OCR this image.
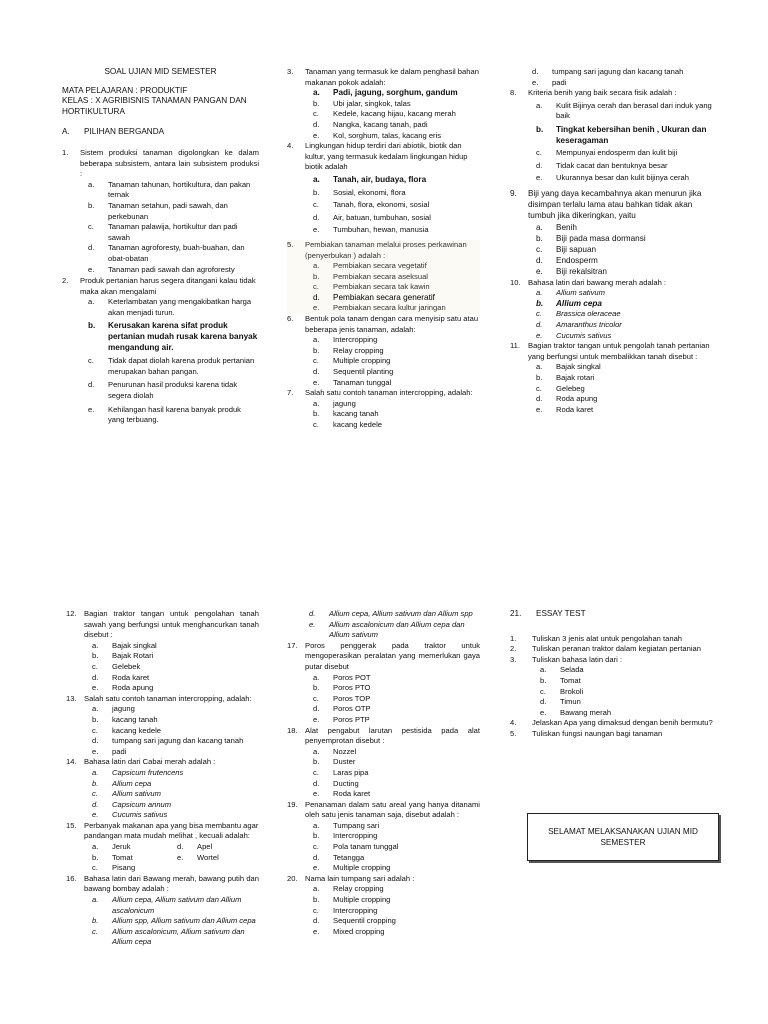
SOAL UJIAN MID SEMESTER

MATA PELAJARAN : PRODUKTIF

KELAS : X AGRIBISNIS TANAMAN PANGAN DAN

HORTIKULTURA

A.	PILIHAN BERGANDA
1.	Sistem produksi tanaman digolongkan ke dalam beberapa subsistem, antara lain subsistem produksi :
a.	Tanaman tahunan, hortikultura, dan pakan ternak
b.	Tanaman setahun, padi sawah, dan perkebunan
c.	Tanaman palawija, hortikultur dan padi sawah
d.	Tanaman agroforesty, buah-buahan, dan obat-obatan
e.	Tanaman padi sawah dan agroforesty
2.	Produk pertanian harus segera ditangani kalau tidak maka akan mengalami
a.	Keterlambatan yang mengakibatkan harga akan menjadi turun.
b.	Kerusakan karena sifat produk pertanian mudah rusak karena banyak mengandung air.
c.	Tidak dapat diolah karena produk pertanian merupakan bahan pangan.
d.	Penurunan hasil produksi karena tidak segera diolah
e.	Kehilangan hasil karena banyak produk yang terbuang.
3.	Tanaman yang termasuk ke dalam penghasil bahan makanan pokok adalah:
a.	Padi, jagung, sorghum, gandum
b.	Ubi jalar, singkok, talas
c.	Kedele, kacang hijau, kacang merah
d.	Nangka, kacang tanah, padi
e.	Kol, sorghum, talas, kacang eris
4.	Lingkungan hidup terdiri dari abiotik, biotik dan kultur, yang termasuk kedalam lingkungan hidup biotik adalah
a.	Tanah, air, budaya, flora
b.	Sosial, ekonomi, flora
c.	Tanah, flora, ekonomi, sosial
d.	Air, batuan, tumbuhan, sosial
e.	Tumbuhan, hewan, manusia
5.	Pembiakan tanaman melalui proses perkawinan (penyerbukan ) adalah :
a.	Pembiakan secara vegetatif
b.	Pembiakan secara aseksual
c.	Pembiakan secara tak kawin
d.	Pembiakan secara generatif
e.	Pembiakan secara kultur jaringan
6.	Bentuk pola tanam dengan cara menyisip satu atau beberapa jenis tanaman, adalah:
a.	Intercropping
b.	Relay cropping
c.	Multiple cropping
d.	Sequentil planting
e.	Tanaman tunggal
7.	Salah satu contoh tanaman intercropping, adalah:
a.	jagung
b.	kacang tanah
c.	kacang kedele
d.	tumpang sari jagung dan kacang tanah
e.	padi
8.	Kriteria benih yang baik secara fisik adalah :
a.	Kulit Bijinya cerah dan berasal dari induk yang baik
b.	Tingkat kebersihan benih , Ukuran dan keseragaman
c.	Mempunyai endosperm dan kulit biji
d.	Tidak cacat dan bentuknya besar
e.	Ukurannya besar dan kulit bijinya cerah
9.	Biji yang daya kecambahnya akan menurun jika disimpan terlalu lama atau bahkan tidak akan tumbuh jika dikeringkan, yaitu
a.	Benih
b.	Biji pada masa dormansi
c.	Biji sapuan
d.	Endosperm
e.	Biji rekalsitran
10. Bahasa latin dari bawang merah adalah :
a.	Allium sativum
b.	Allium cepa
c.	Brassica oleraceae
d.	Amaranthus tricolor
e.	Cucumis sativus
11.	Bagian traktor tangan untuk pengolah tanah pertanian yang berfungsi untuk membalikkan tanah disebut :
a.	Bajak singkal
b.	Bajak rotari
c.	Gelebeg
d.	Roda apung
e.	Roda karet
12. Bagian traktor tangan untuk pengolahan tanah sawah yang berfungsi untuk menghancurkan tanah disebut :
a.	Bajak singkal
b.	Bajak Rotari
c.	Gelebek
d.	Roda karet
e.	Roda apung
13. Salah satu contoh tanaman intercropping, adalah:
a.	jagung
b.	kacang tanah
c.	kacang kedele
d.	tumpang sari jagung dan kacang tanah
e.	padi
14. Bahasa latin dari Cabai merah adalah :
a.	Capsicum frutencens
b.	Allium cepa
c.	Allium sativum
d.	Capsicum annum
e.	Cucumis sativus
15. Perbanyak makanan apa yang bisa membantu agar pandangan mata mudah melihat , kecuali adalah:
a.	Jeruk	d.	Apel
b.	Tomat	e.	Wortel
c.	Pisang
16. Bahasa latin dari Bawang merah, bawang putih dan bawang bombay adalah :
a.	Allium cepa, Allium sativum dan Allium ascalonicum
b.	Allium spp, Allium sativum dan Allium cepa
c.	Allium ascalonicum, Allium sativum dan Allium cepa
d.	Allium cepa, Allium sativum dan Allium spp
e.	Allium ascalonicum dan Allium cepa dan Allium sativum
17. Poros penggerak pada traktor untuk mengoperasikan peralatan yang memerlukan gaya putar disebut
a.	Poros POT
b.	Poros PTO
c.	Poros TOP
d.	Poros OTP
e.	Poros PTP
18. Alat pengabut larutan pestisida pada alat penyemprotan disebut :
a.	Nozzel
b.	Duster
c.	Laras pipa
d.	Ducting
e.	Roda karet
19. Penanaman dalam satu areal yang hanya ditanami oleh satu jenis tanaman saja, disebut adalah :
a.	Tumpang sari
b.	Intercropping
c.	Pola tanam tunggal
d.	Tetangga
e.	Multiple cropping
20. Nama lain tumpang sari adalah :
a.	Relay cropping
b.	Multiple cropping
c.	Intercropping
d.	Sequentil cropping
e.	Mixed cropping
21.	ESSAY TEST
1.	Tuliskan 3 jenis alat untuk pengolahan tanah
2.	Tuliskan peranan traktor dalam kegiatan pertanian
3.	Tuliskan bahasa latin dari :
a.	Selada
b.	Tomat
c.	Brokoli
d.	Timun
e.	Bawang merah
4.	Jelaskan Apa yang dimaksud dengan benih bermutu?
5.	Tuliskan fungsi naungan bagi tanaman
SELAMAT MELAKSANAKAN UJIAN MID
SEMESTER
